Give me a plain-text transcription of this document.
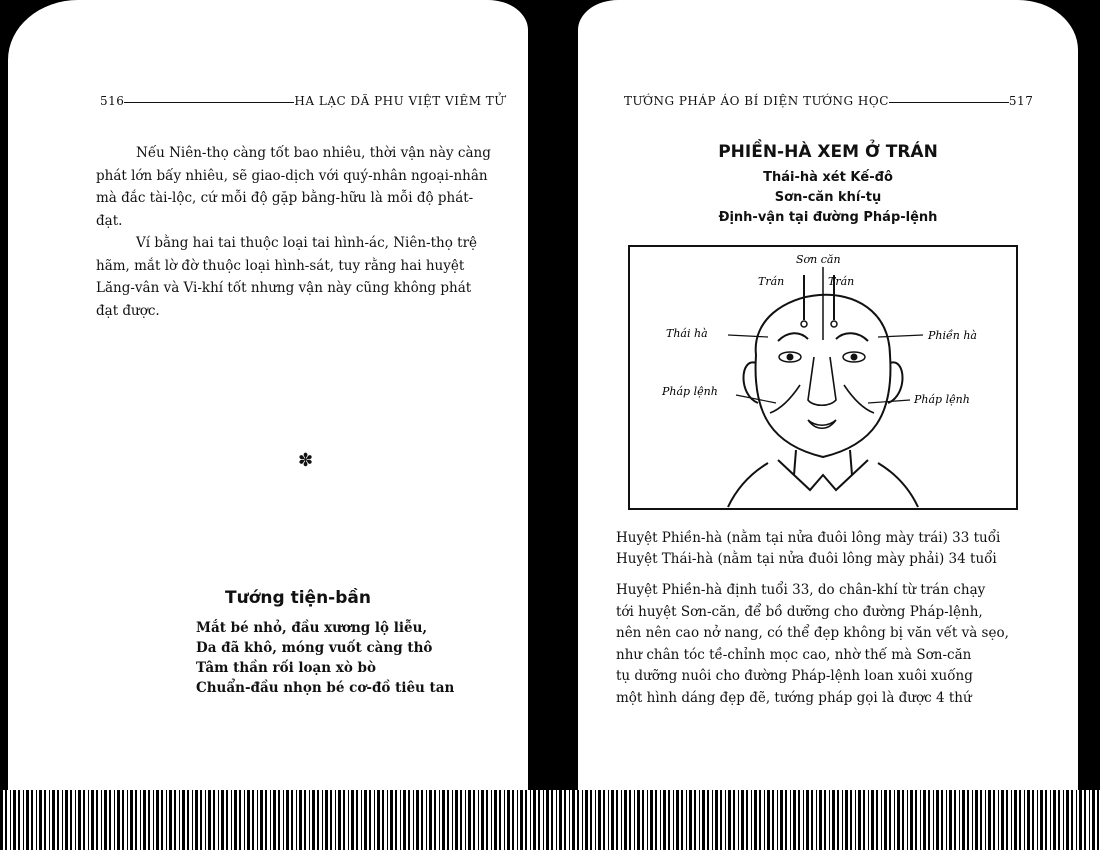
516	HA LẠC DÃ PHU VIỆT VIÊM TỬ
Nếu Niên-thọ càng tốt bao nhiêu, thời vận này càng
phát lớn bấy nhiêu, sẽ giao-dịch với quý-nhân ngoại-nhân
mà đắc tài-lộc, cứ mỗi độ gặp bằng-hữu là mỗi độ phát-
đạt.
Ví bằng hai tai thuộc loại tai hình-ác, Niên-thọ trệ
hãm, mắt lờ đờ thuộc loại hình-sát, tuy rằng hai huyệt
Lăng-vân và Vi-khí tốt nhưng vận này cũng không phát
đạt được.
✽
Tướng tiện-bần
Mắt bé nhỏ, đầu xương lộ liễu,
Da đã khô, móng vuốt càng thô
Tâm thần rối loạn xò bò
Chuẩn-đầu nhọn bé cơ-đồ tiêu tan
TƯỚNG PHÁP ÁO BÍ DIỆN TƯỚNG HỌC	517
PHIỀN-HÀ XEM Ở TRÁN
Thái-hà xét Kế-đô
Sơn-căn khí-tụ
Định-vận tại đường Pháp-lệnh
Sơn căn
Trán	Trán
Thái hà	Phiền hà
Pháp lệnh
Pháp lệnh
Huyệt Phiền-hà (nằm tại nửa đuôi lông mày trái) 33 tuổi
Huyệt Thái-hà (nằm tại nửa đuôi lông mày phải) 34 tuổi
Huyệt Phiền-hà định tuổi 33, do chân-khí từ trán chạy
tới huyệt Sơn-căn, để bồ dưỡng cho đường Pháp-lệnh,
nên nên cao nở nang, có thể đẹp không bị văn vết và sẹo,
như chân tóc tề-chỉnh mọc cao, nhờ thế mà Sơn-căn
tụ dưỡng nuôi cho đường Pháp-lệnh loan xuôi xuống
một hình dáng đẹp đẽ, tướng pháp gọi là được 4 thứ
